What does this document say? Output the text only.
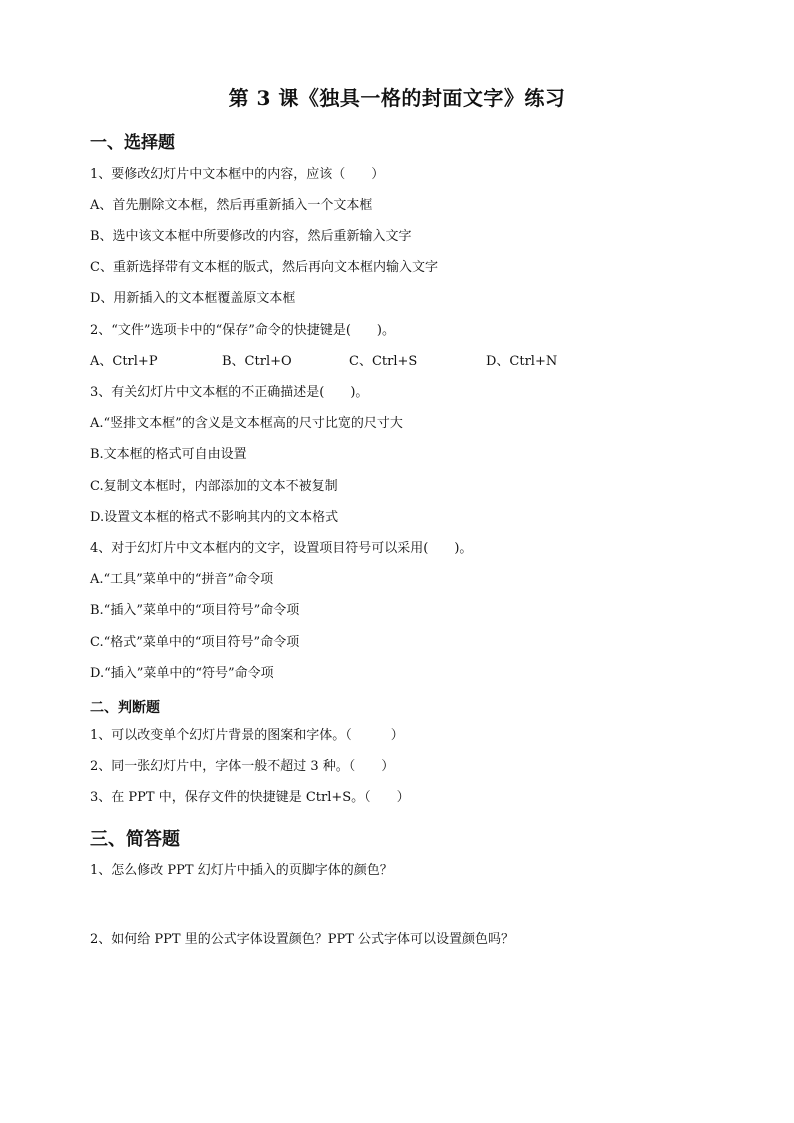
第 3 课《独具一格的封面文字》练习
一、选择题
1、要修改幻灯片中文本框中的内容，应该（　　）
A、首先删除文本框，然后再重新插入一个文本框
B、选中该文本框中所要修改的内容，然后重新输入文字
C、重新选择带有文本框的版式，然后再向文本框内输入文字
D、用新插入的文本框覆盖原文本框
2、“文件”选项卡中的“保存”命令的快捷键是(　　)。
A、Ctrl+P	B、Ctrl+O	C、Ctrl+S	D、Ctrl+N
3、有关幻灯片中文本框的不正确描述是(　　)。
A.“竖排文本框”的含义是文本框高的尺寸比宽的尺寸大
B.文本框的格式可自由设置
C.复制文本框时，内部添加的文本不被复制
D.设置文本框的格式不影响其内的文本格式
4、对于幻灯片中文本框内的文字，设置项目符号可以采用(　　)。
A.“工具”菜单中的“拼音”命令项
B.“插入”菜单中的“项目符号”命令项
C.“格式”菜单中的“项目符号”命令项
D.“插入”菜单中的“符号”命令项
二、判断题
1、可以改变单个幻灯片背景的图案和字体。（　　　）
2、同一张幻灯片中，字体一般不超过 3 种。（　　）
3、在 PPT 中，保存文件的快捷键是 Ctrl+S。（　　）
三、简答题
1、怎么修改 PPT 幻灯片中插入的页脚字体的颜色？
2、如何给 PPT 里的公式字体设置颜色？PPT 公式字体可以设置颜色吗？
